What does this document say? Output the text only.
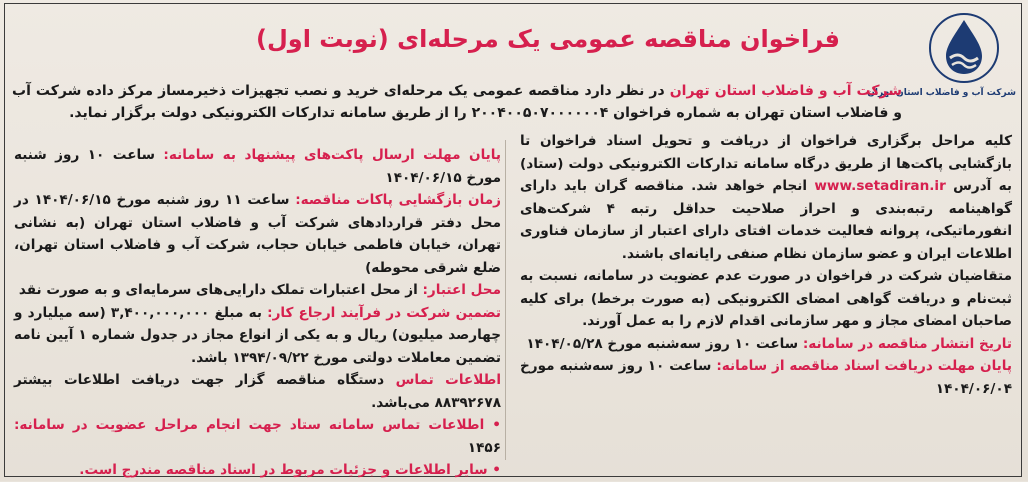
شرکت آب و فاضلاب استان تهران
فراخوان مناقصه عمومی یک مرحله‌ای (نوبت اول)
شرکت آب و فاضلاب استان تهران در نظر دارد مناقصه عمومی یک مرحله‌ای خرید و نصب تجهیزات ذخیرمساز مرکز داده شرکت آب و فاضلاب استان تهران به شماره فراخوان ۲۰۰۴۰۰۵۰۷۰۰۰۰۰۰۴ را از طریق سامانه تدارکات الکترونیکی دولت برگزار نماید.

کلیه مراحل برگزاری فراخوان از دریافت و تحویل اسناد فراخوان تا بازگشایی پاکت‌ها از طریق درگاه سامانه تدارکات الکترونیکی دولت (ستاد) به آدرس www.setadiran.ir انجام خواهد شد. مناقصه گران باید دارای گواهینامه رتبه‌بندی و احراز صلاحیت حداقل رتبه ۴ شرکت‌های انفورماتیکی، پروانه فعالیت خدمات افتای دارای اعتبار از سازمان فناوری اطلاعات ایران و عضو سازمان نظام صنفی رایانه‌ای باشند.

متقاضیان شرکت در فراخوان در صورت عدم عضویت در سامانه، نسبت به ثبت‌نام و دریافت گواهی امضای الکترونیکی (به صورت برخط) برای کلیه صاحبان امضای مجاز و مهر سازمانی اقدام لازم را به عمل آورند.

تاریخ انتشار مناقصه در سامانه: ساعت ۱۰ روز سه‌شنبه مورخ ۱۴۰۴/۰۵/۲۸

پایان مهلت دریافت اسناد مناقصه از سامانه: ساعت ۱۰ روز سه‌شنبه مورخ ۱۴۰۴/۰۶/۰۴

پایان مهلت ارسال پاکت‌های پیشنهاد به سامانه: ساعت ۱۰ روز شنبه مورخ ۱۴۰۴/۰۶/۱۵

زمان بازگشایی پاکات مناقصه: ساعت ۱۱ روز شنبه مورخ ۱۴۰۴/۰۶/۱۵ در محل دفتر قراردادهای شرکت آب و فاضلاب استان تهران (به نشانی تهران، خیابان فاطمی خیابان حجاب، شرکت آب و فاضلاب استان تهران، ضلع شرقی محوطه)

محل اعتبار: از محل اعتبارات تملک دارایی‌های سرمایه‌ای و به صورت نقد

تضمین شرکت در فرآیند ارجاع کار: به مبلغ ۳,۴۰۰,۰۰۰,۰۰۰ (سه میلیارد و چهارصد میلیون) ریال و به یکی از انواع مجاز در جدول شماره ۱ آیین نامه تضمین معاملات دولتی مورخ ۱۳۹۴/۰۹/۲۲ باشد.

اطلاعات تماس دستگاه مناقصه گزار جهت دریافت اطلاعات بیشتر ۸۸۳۹۲۶۷۸ می‌باشد.

• اطلاعات تماس سامانه ستاد جهت انجام مراحل عضویت در سامانه: ۱۴۵۶

• سایر اطلاعات و جزئیات مربوط در اسناد مناقصه مندرج است.
